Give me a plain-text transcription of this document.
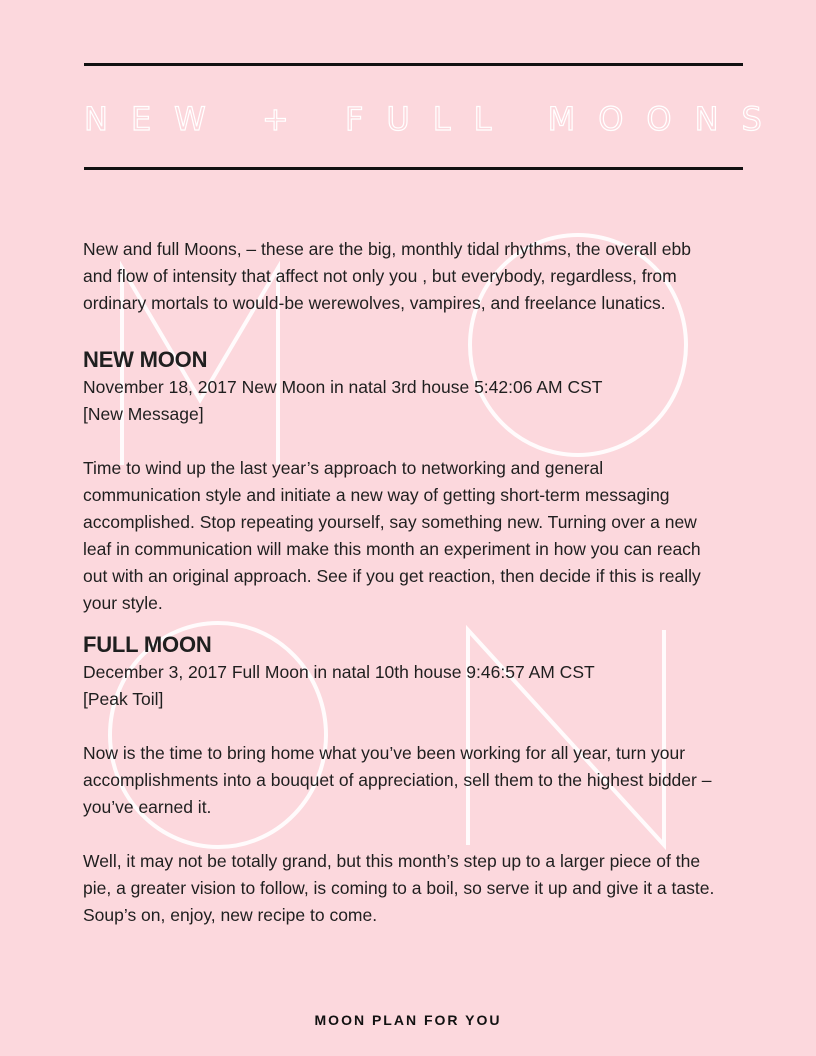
NEW + FULL MOONS

New and full Moons, – these are the big, monthly tidal rhythms, the overall ebb and flow of intensity that affect not only you , but everybody, regardless, from ordinary mortals to would-be werewolves, vampires, and freelance lunatics.

NEW MOON

November 18, 2017 New Moon in natal 3rd house 5:42:06 AM CST

[New Message]

Time to wind up the last year’s approach to networking and general communication style and initiate a new way of getting short-term messaging accomplished. Stop repeating yourself, say something new. Turning over a new leaf in communication will make this month an experiment in how you can reach out with an original approach. See if you get reaction, then decide if this is really your style.

FULL MOON

December 3, 2017 Full Moon in natal 10th house 9:46:57 AM CST

[Peak Toil]

Now is the time to bring home what you’ve been working for all year, turn your accomplishments into a bouquet of appreciation, sell them to the highest bidder – you’ve earned it.

Well, it may not be totally grand, but this month’s step up to a larger piece of the pie, a greater vision to follow, is coming to a boil, so serve it up and give it a taste. Soup’s on, enjoy, new recipe to come.

MOON PLAN FOR YOU
